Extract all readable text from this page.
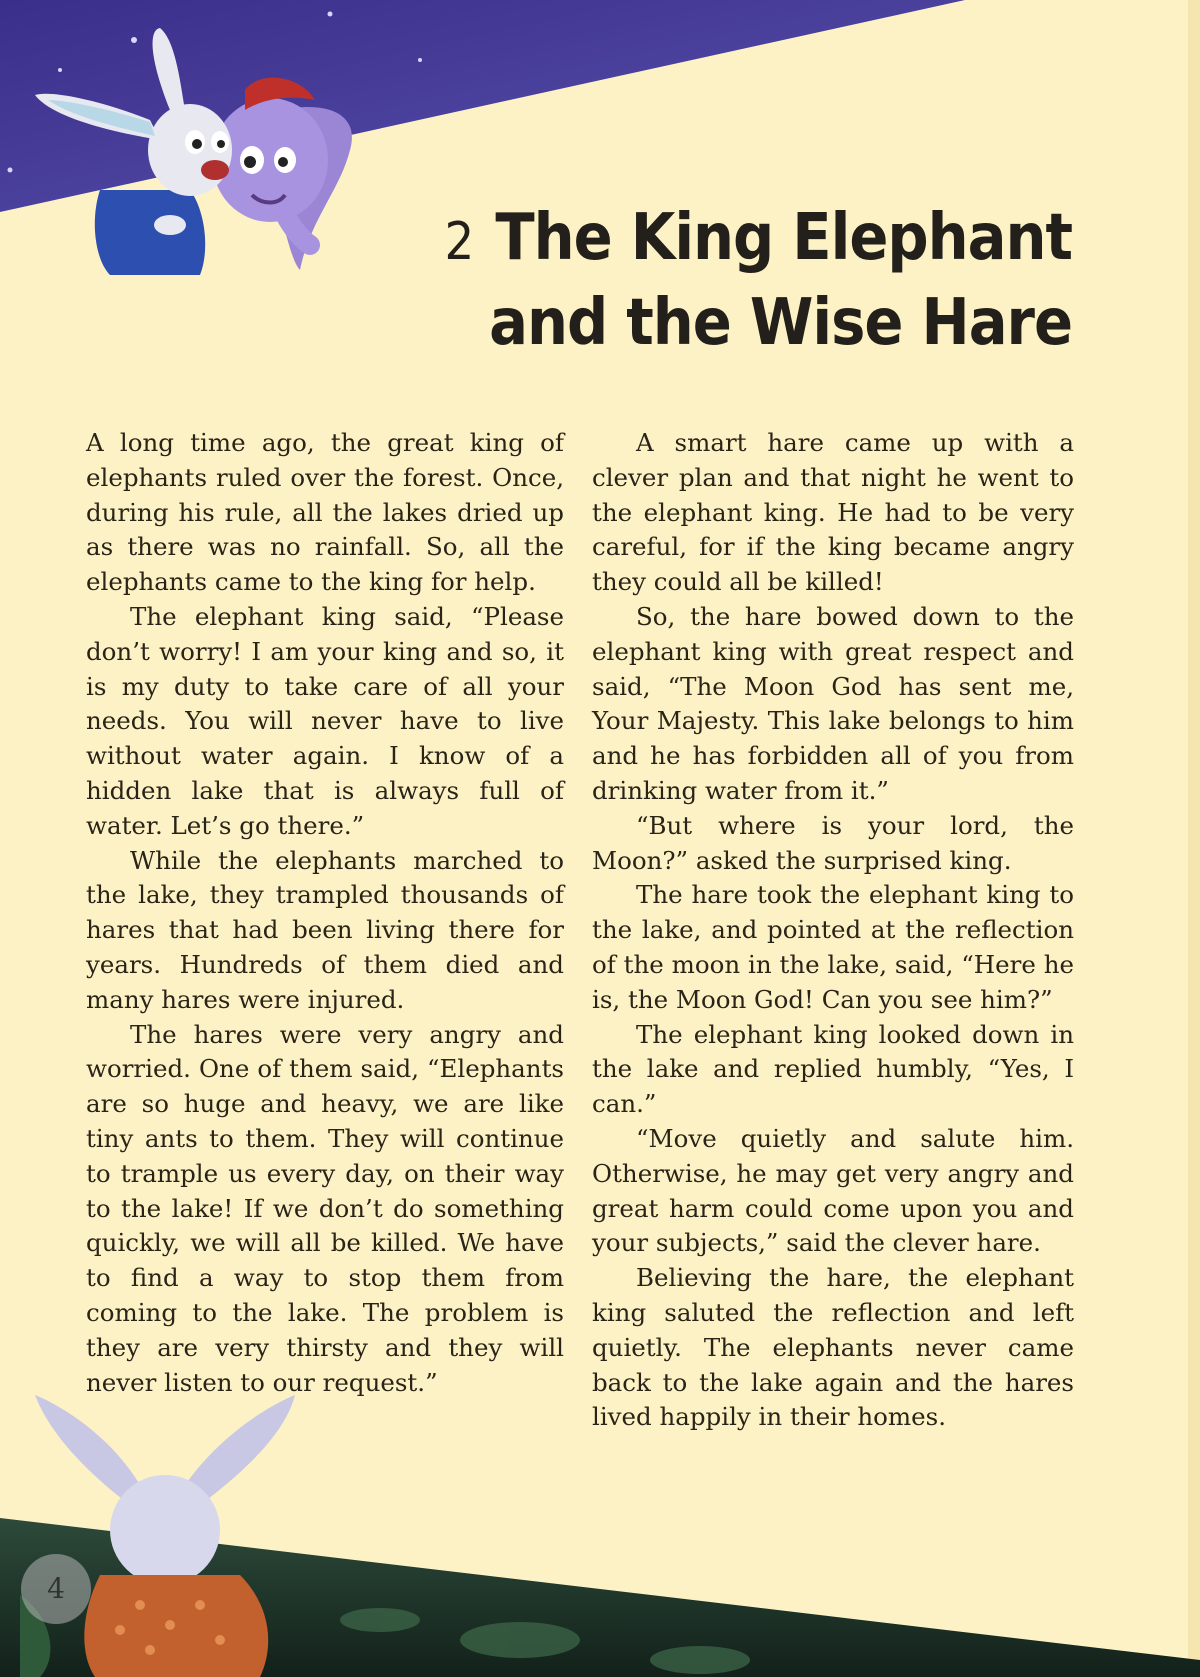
2 The King Elephant
and the Wise Hare

A long time ago, the great king of elephants ruled over the forest. Once, during his rule, all the lakes dried up as there was no rainfall. So, all the elephants came to the king for help.

The elephant king said, “Please don’t worry! I am your king and so, it is my duty to take care of all your needs. You will never have to live without water again. I know of a hidden lake that is always full of water. Let’s go there.”

While the elephants marched to the lake, they trampled thousands of hares that had been living there for years. Hundreds of them died and many hares were injured.

The hares were very angry and worried. One of them said, “Elephants are so huge and heavy, we are like tiny ants to them. They will continue to trample us every day, on their way to the lake! If we don’t do something quickly, we will all be killed. We have to find a way to stop them from coming to the lake. The problem is they are very thirsty and they will never listen to our request.”

A smart hare came up with a clever plan and that night he went to the elephant king. He had to be very careful, for if the king became angry they could all be killed!

So, the hare bowed down to the elephant king with great respect and said, “The Moon God has sent me, Your Majesty. This lake belongs to him and he has forbidden all of you from drinking water from it.”

“But where is your lord, the Moon?” asked the surprised king.

The hare took the elephant king to the lake, and pointed at the reflection of the moon in the lake, said, “Here he is, the Moon God! Can you see him?”

The elephant king looked down in the lake and replied humbly, “Yes, I can.”

“Move quietly and salute him. Otherwise, he may get very angry and great harm could come upon you and your subjects,” said the clever hare.

Believing the hare, the elephant king saluted the reflection and left quietly. The elephants never came back to the lake again and the hares lived happily in their homes.

4
